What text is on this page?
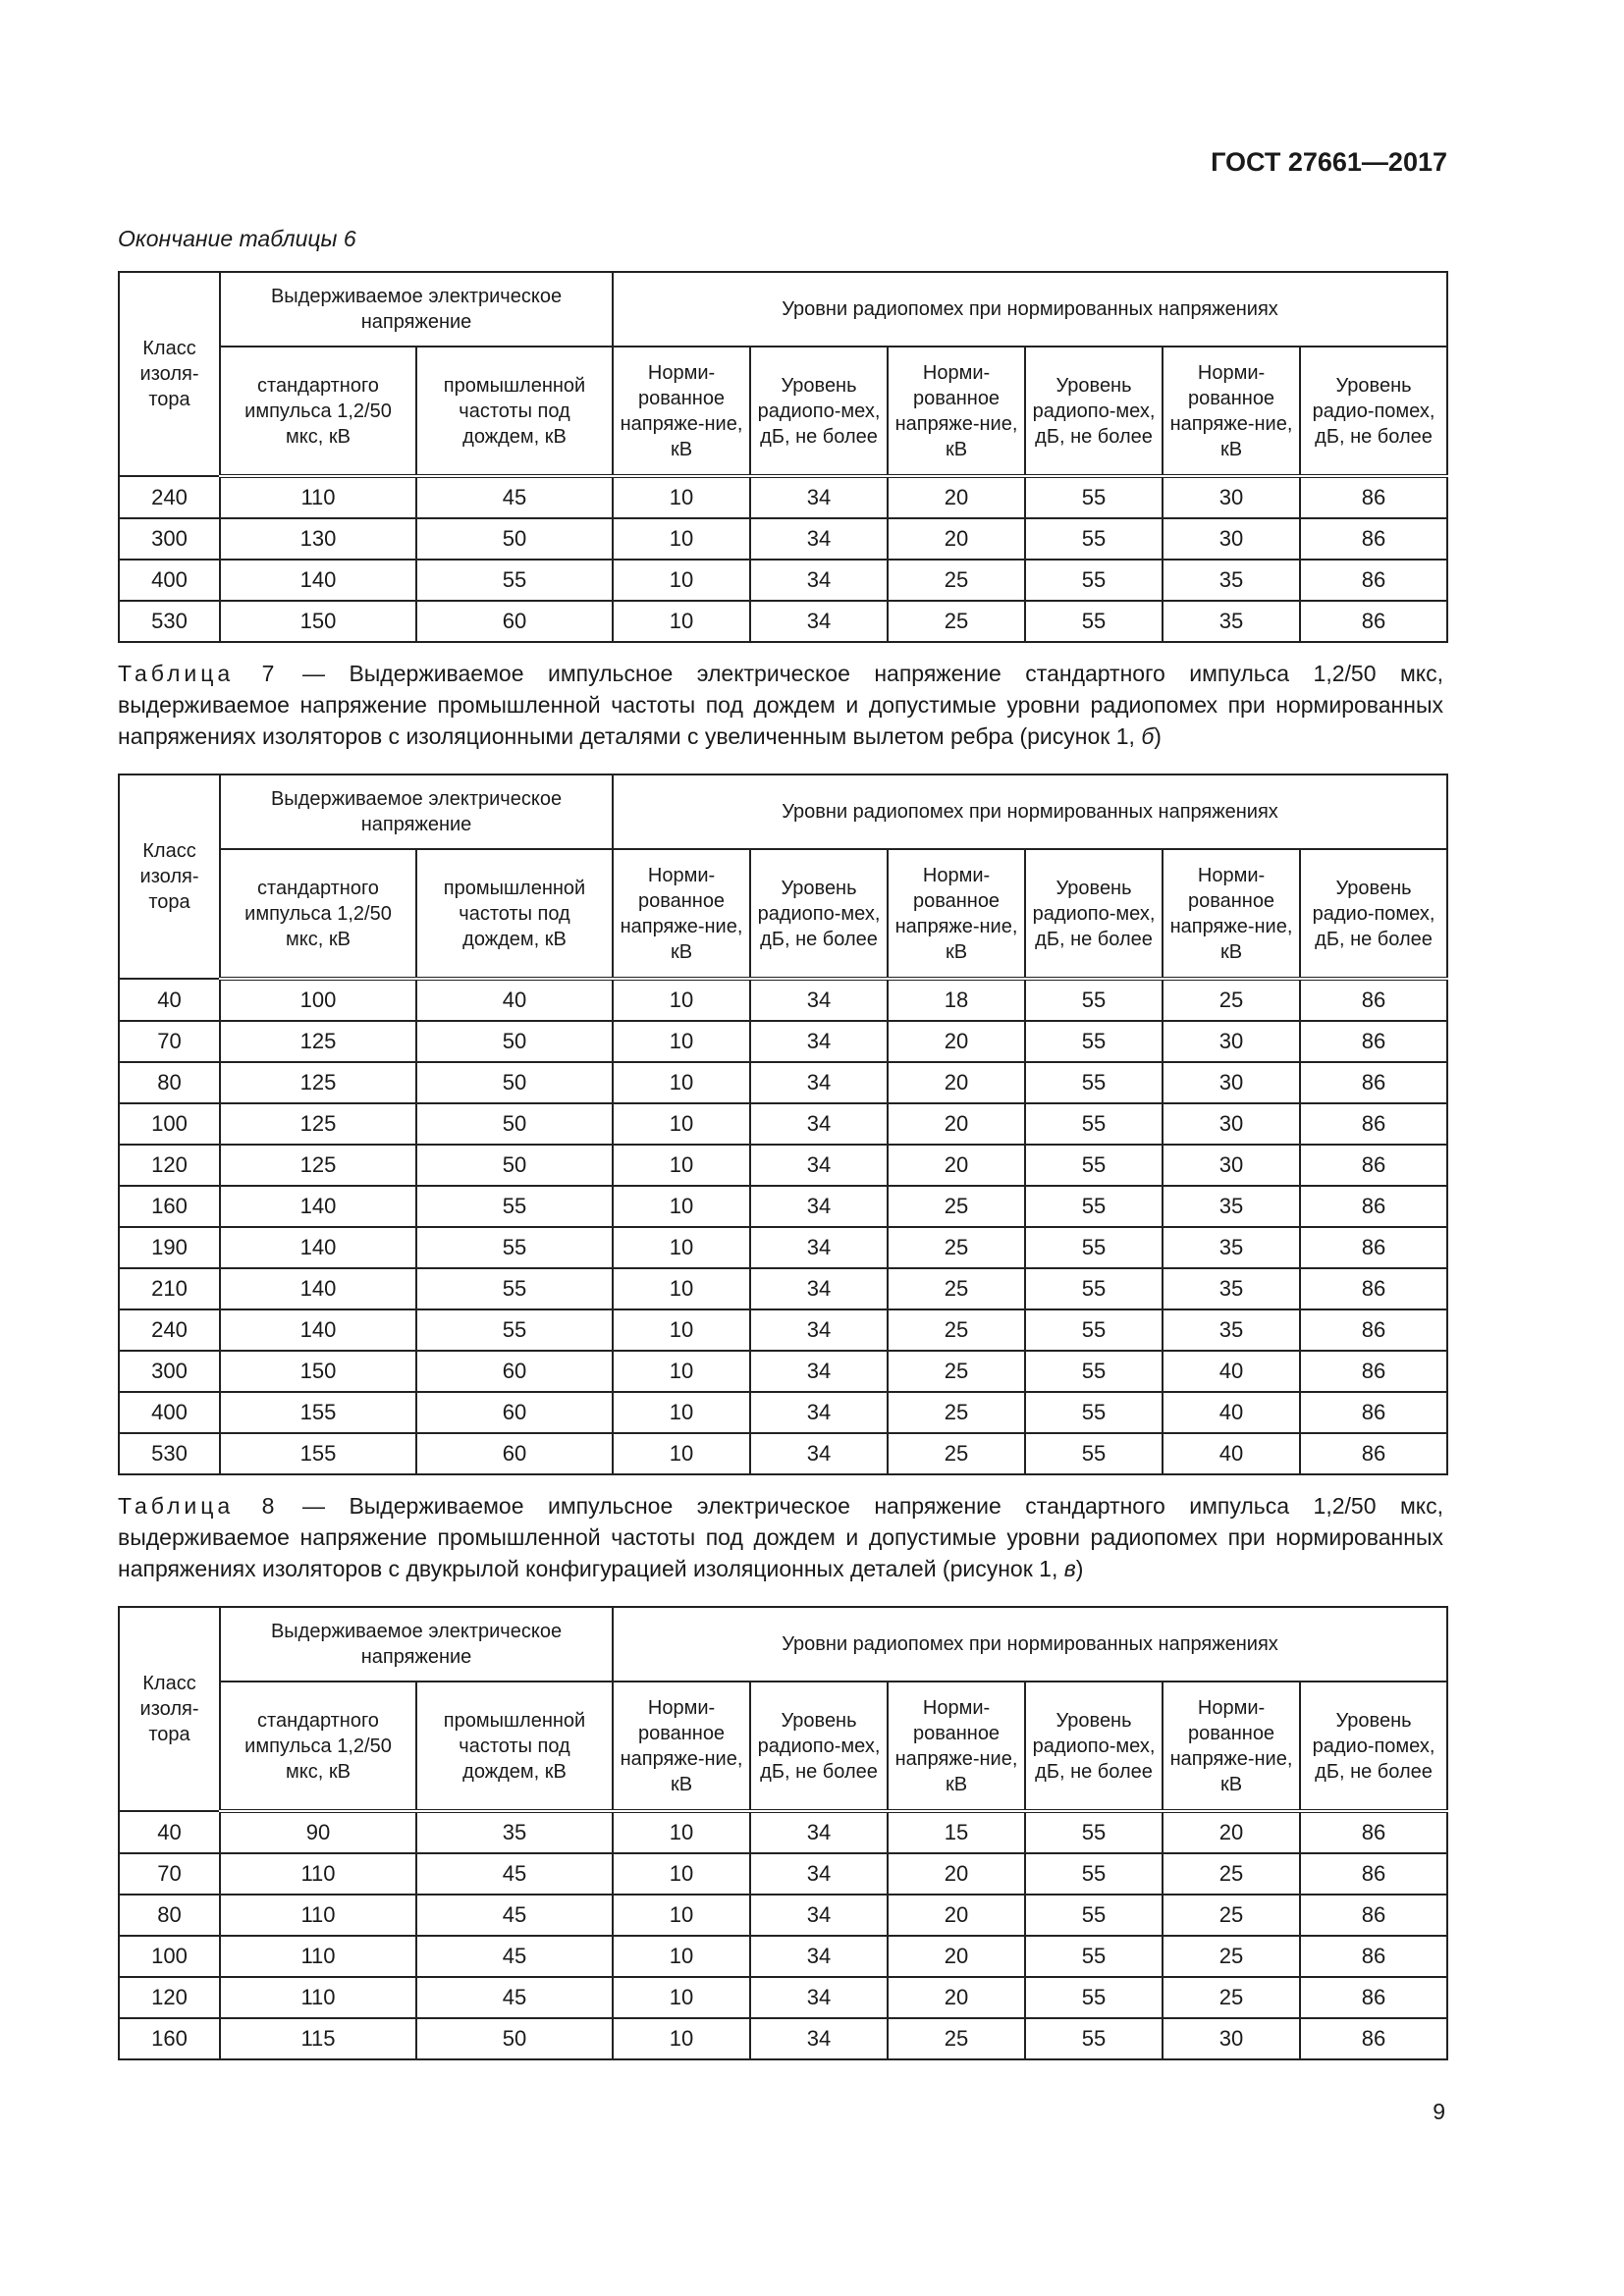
ГОСТ 27661—2017
Окончание таблицы 6
Класс изоля-тора	Выдерживаемое электрическое напряжение		Уровни радиопомех при нормированных напряжениях					
	стандартного импульса 1,2/50 мкс, кВ	промышленной частоты под дождем, кВ	Норми-рованное напряже-ние, кВ	Уровень радиопо-мех, дБ, не более	Норми-рованное напряже-ние, кВ	Уровень радиопо-мех, дБ, не более	Норми-рованное напряже-ние, кВ	Уровень радио-помех, дБ, не более
240	110	45	10	34	20	55	30	86
300	130	50	10	34	20	55	30	86
400	140	55	10	34	25	55	35	86
530	150	60	10	34	25	55	35	86
Таблица 7 — Выдерживаемое импульсное электрическое напряжение стандартного импульса 1,2/50 мкс, выдерживаемое напряжение промышленной частоты под дождем и допустимые уровни радиопомех при нормированных напряжениях изоляторов с изоляционными деталями с увеличенным вылетом ребра (рисунок 1, б)
Класс изоля-тора	Выдерживаемое электрическое напряжение		Уровни радиопомех при нормированных напряжениях					
	стандартного импульса 1,2/50 мкс, кВ	промышленной частоты под дождем, кВ	Норми-рованное напряже-ние, кВ	Уровень радиопо-мех, дБ, не более	Норми-рованное напряже-ние, кВ	Уровень радиопо-мех, дБ, не более	Норми-рованное напряже-ние, кВ	Уровень радио-помех, дБ, не более
40	100	40	10	34	18	55	25	86
70	125	50	10	34	20	55	30	86
80	125	50	10	34	20	55	30	86
100	125	50	10	34	20	55	30	86
120	125	50	10	34	20	55	30	86
160	140	55	10	34	25	55	35	86
190	140	55	10	34	25	55	35	86
210	140	55	10	34	25	55	35	86
240	140	55	10	34	25	55	35	86
300	150	60	10	34	25	55	40	86
400	155	60	10	34	25	55	40	86
530	155	60	10	34	25	55	40	86
Таблица 8 — Выдерживаемое импульсное электрическое напряжение стандартного импульса 1,2/50 мкс, выдерживаемое напряжение промышленной частоты под дождем и допустимые уровни радиопомех при нормированных напряжениях изоляторов с двукрылой конфигурацией изоляционных деталей (рисунок 1, в)
Класс изоля-тора	Выдерживаемое электрическое напряжение		Уровни радиопомех при нормированных напряжениях					
	стандартного импульса 1,2/50 мкс, кВ	промышленной частоты под дождем, кВ	Норми-рованное напряже-ние, кВ	Уровень радиопо-мех, дБ, не более	Норми-рованное напряже-ние, кВ	Уровень радиопо-мех, дБ, не более	Норми-рованное напряже-ние, кВ	Уровень радио-помех, дБ, не более
40	90	35	10	34	15	55	20	86
70	110	45	10	34	20	55	25	86
80	110	45	10	34	20	55	25	86
100	110	45	10	34	20	55	25	86
120	110	45	10	34	20	55	25	86
160	115	50	10	34	25	55	30	86
9
